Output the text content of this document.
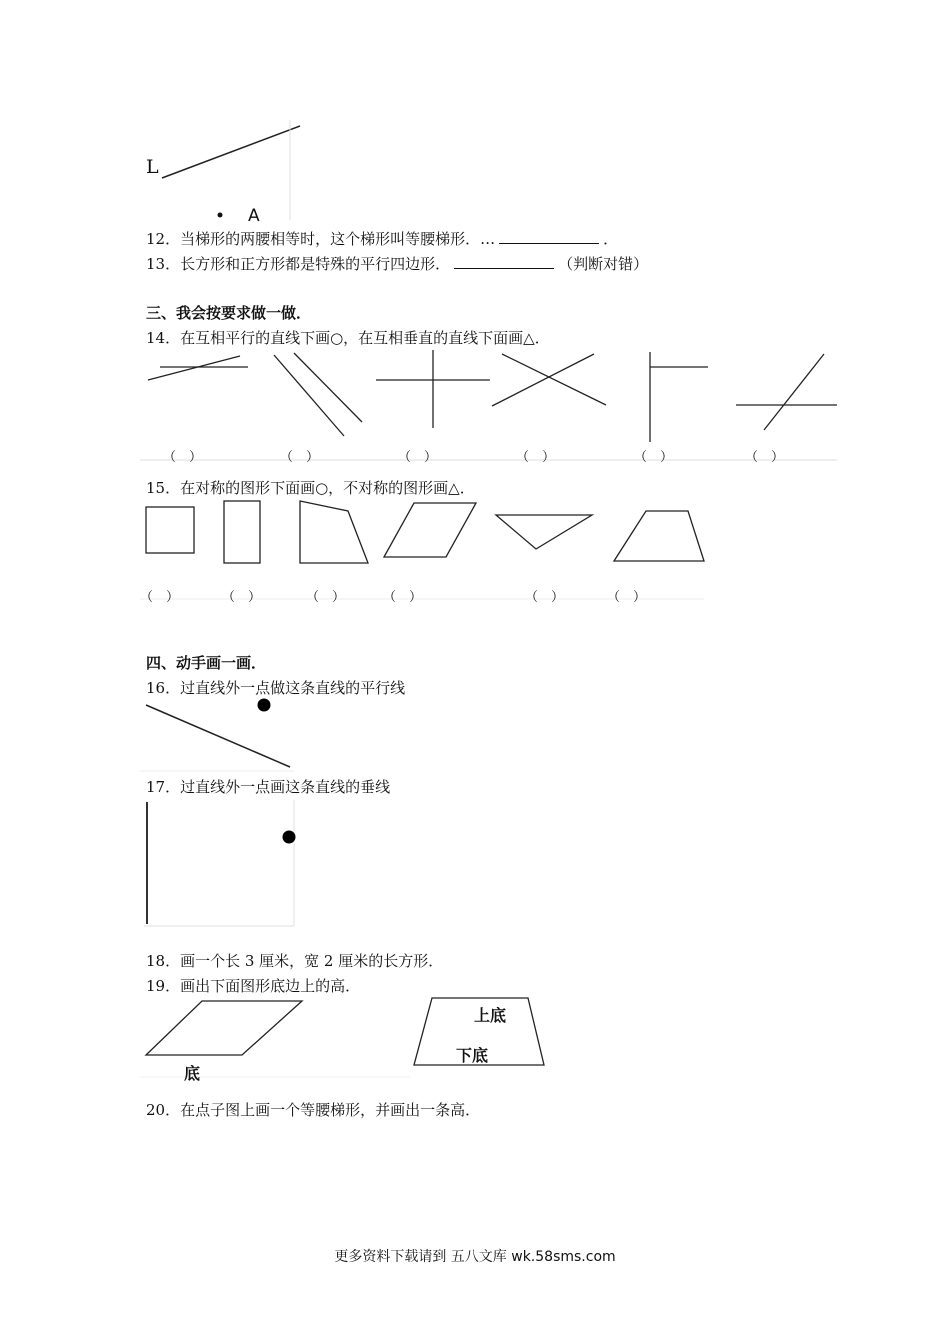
L
A
12．当梯形的两腰相等时，这个梯形叫等腰梯形．…	．
13．长方形和正方形都是特殊的平行四边形．	（判断对错）
三、我会按要求做一做．
14．在互相平行的直线下画○，在互相垂直的直线下面画△．
（　）	（　）	（　）	（　）	（　）	（　）
15．在对称的图形下面画○，不对称的图形画△．
（　）	（　）	（　）	（　）	（　）	（　）
四、动手画一画．
16．过直线外一点做这条直线的平行线
17．过直线外一点画这条直线的垂线
18．画一个长 3 厘米，宽 2 厘米的长方形．
19．画出下面图形底边上的高．
底
上底
下底
20．在点子图上画一个等腰梯形，并画出一条高．
更多资料下载请到 五八文库 wk.58sms.com
